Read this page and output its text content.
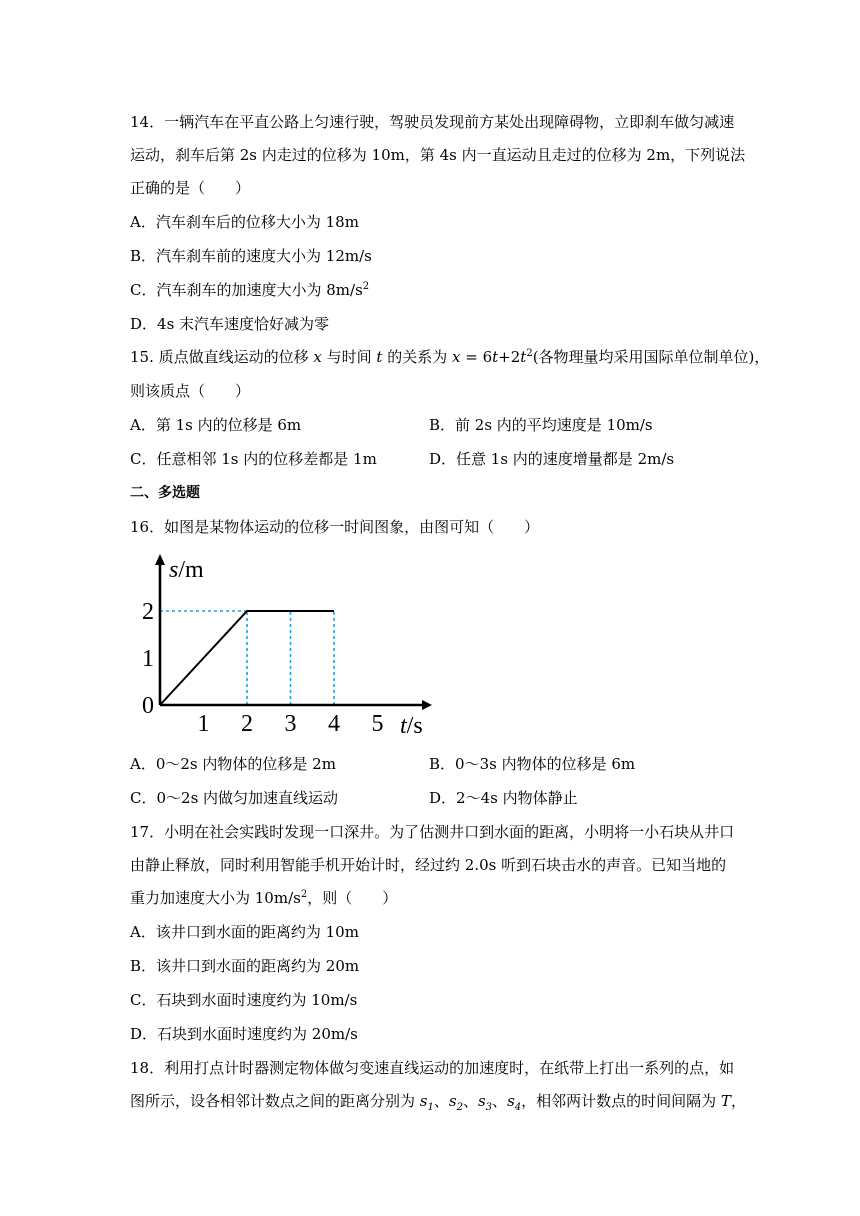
14．一辆汽车在平直公路上匀速行驶，驾驶员发现前方某处出现障碍物，立即刹车做匀减速
运动，刹车后第 2s 内走过的位移为 10m，第 4s 内一直运动且走过的位移为 2m，下列说法
正确的是（　　）
A．汽车刹车后的位移大小为 18m
B．汽车刹车前的速度大小为 12m/s
C．汽车刹车的加速度大小为 $8m/s^2$
D．4s 末汽车速度恰好减为零
15. 质点做直线运动的位移 x 与时间 t 的关系为 $x = 6t+2t^2$(各物理量均采用国际单位制单位)，
则该质点（　　）
A．第 1s 内的位移是 6m	B．前 2s 内的平均速度是 10m/s
C．任意相邻 1s 内的位移差都是 1m	D．任意 1s 内的速度增量都是 2m/s
二、多选题
16．如图是某物体运动的位移一时间图象，由图可知（　　）
1 2 3 4 5
1
2
0
s/m
t/s
A．0～2s 内物体的位移是 2m	B．0～3s 内物体的位移是 6m
C．0～2s 内做匀加速直线运动	D．2～4s 内物体静止
17．小明在社会实践时发现一口深井。为了估测井口到水面的距离，小明将一小石块从井口
由静止释放，同时利用智能手机开始计时，经过约 2.0s 听到石块击水的声音。已知当地的
重力加速度大小为 $10m/s^2$，则（　　）
A．该井口到水面的距离约为 10m
B．该井口到水面的距离约为 20m
C．石块到水面时速度约为 10m/s
D．石块到水面时速度约为 20m/s
18．利用打点计时器测定物体做匀变速直线运动的加速度时，在纸带上打出一系列的点，如
图所示，设各相邻计数点之间的距离分别为 $s_1$、$s_2$、$s_3$、$s_4$，相邻两计数点的时间间隔为 T，
